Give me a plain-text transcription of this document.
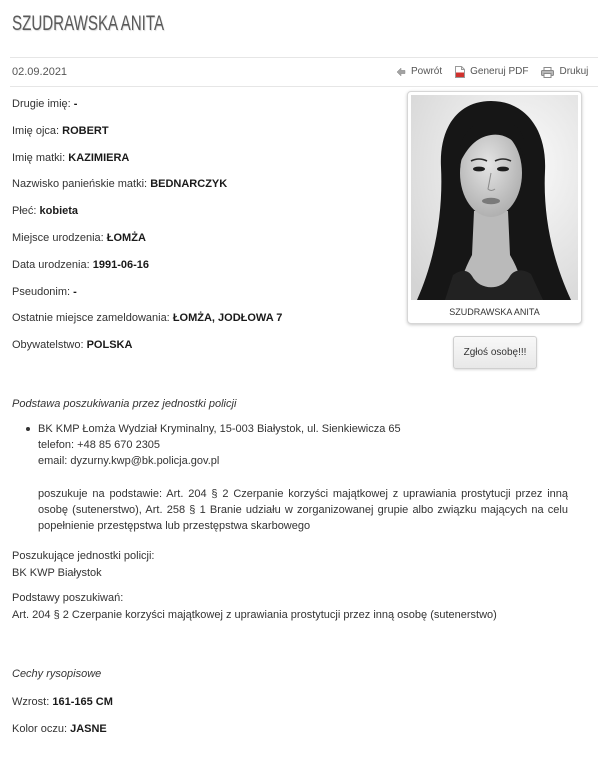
SZUDRAWSKA ANITA
02.09.2021	Powrót	Generuj PDF	Drukuj
Drugie imię: -
Imię ojca: ROBERT
Imię matki: KAZIMIERA
Nazwisko panieńskie matki: BEDNARCZYK
Płeć: kobieta
Miejsce urodzenia: ŁOMŻA
Data urodzenia: 1991-06-16
Pseudonim: -
Ostatnie miejsce zameldowania: ŁOMŻA, JODŁOWA 7
Obywatelstwo: POLSKA
SZUDRAWSKA ANITA
Zgłoś osobę!!!
Podstawa poszukiwania przez jednostki policji
BK KMP Łomża Wydział Kryminalny, 15-003 Białystok, ul. Sienkiewicza 65
telefon: +48 85 670 2305
email: dyzurny.kwp@bk.policja.gov.pl
poszukuje na podstawie: Art. 204 § 2 Czerpanie korzyści majątkowej z uprawiania prostytucji przez inną osobę (sutenerstwo), Art. 258 § 1 Branie udziału w zorganizowanej grupie albo związku mających na celu popełnienie przestępstwa lub przestępstwa skarbowego
Poszukujące jednostki policji:
BK KWP Białystok
Podstawy poszukiwań:
Art. 204 § 2 Czerpanie korzyści majątkowej z uprawiania prostytucji przez inną osobę (sutenerstwo)
Cechy rysopisowe
Wzrost: 161-165 CM
Kolor oczu: JASNE
